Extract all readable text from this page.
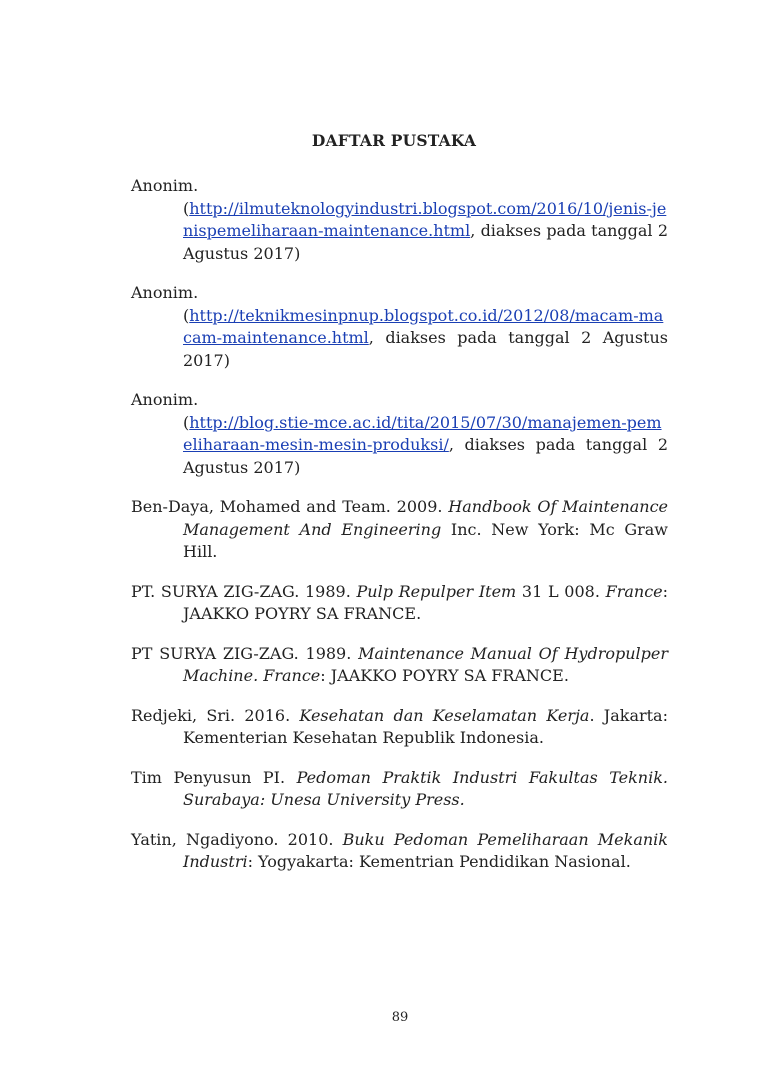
DAFTAR PUSTAKA

Anonim.
(http://ilmuteknologyindustri.blogspot.com/2016/10/jenis-jenispemeliharaan-maintenance.html, diakses pada tanggal 2 Agustus 2017)

Anonim.
(http://teknikmesinpnup.blogspot.co.id/2012/08/macam-macam-maintenance.html, diakses pada tanggal 2 Agustus 2017)

Anonim.
(http://blog.stie-mce.ac.id/tita/2015/07/30/manajemen-pemeliharaan-mesin-mesin-produksi/, diakses pada tanggal 2 Agustus 2017)

Ben-Daya, Mohamed and Team. 2009. Handbook Of Maintenance Management And Engineering Inc. New York: Mc Graw Hill.

PT. SURYA ZIG-ZAG. 1989. Pulp Repulper Item 31 L 008. France: JAAKKO POYRY SA FRANCE.

PT SURYA ZIG-ZAG. 1989. Maintenance Manual Of Hydropulper Machine. France: JAAKKO POYRY SA FRANCE.

Redjeki, Sri. 2016. Kesehatan dan Keselamatan Kerja. Jakarta: Kementerian Kesehatan Republik Indonesia.

Tim Penyusun PI. Pedoman Praktik Industri Fakultas Teknik. Surabaya: Unesa University Press.

Yatin, Ngadiyono. 2010. Buku Pedoman Pemeliharaan Mekanik Industri: Yogyakarta: Kementrian Pendidikan Nasional.

89
